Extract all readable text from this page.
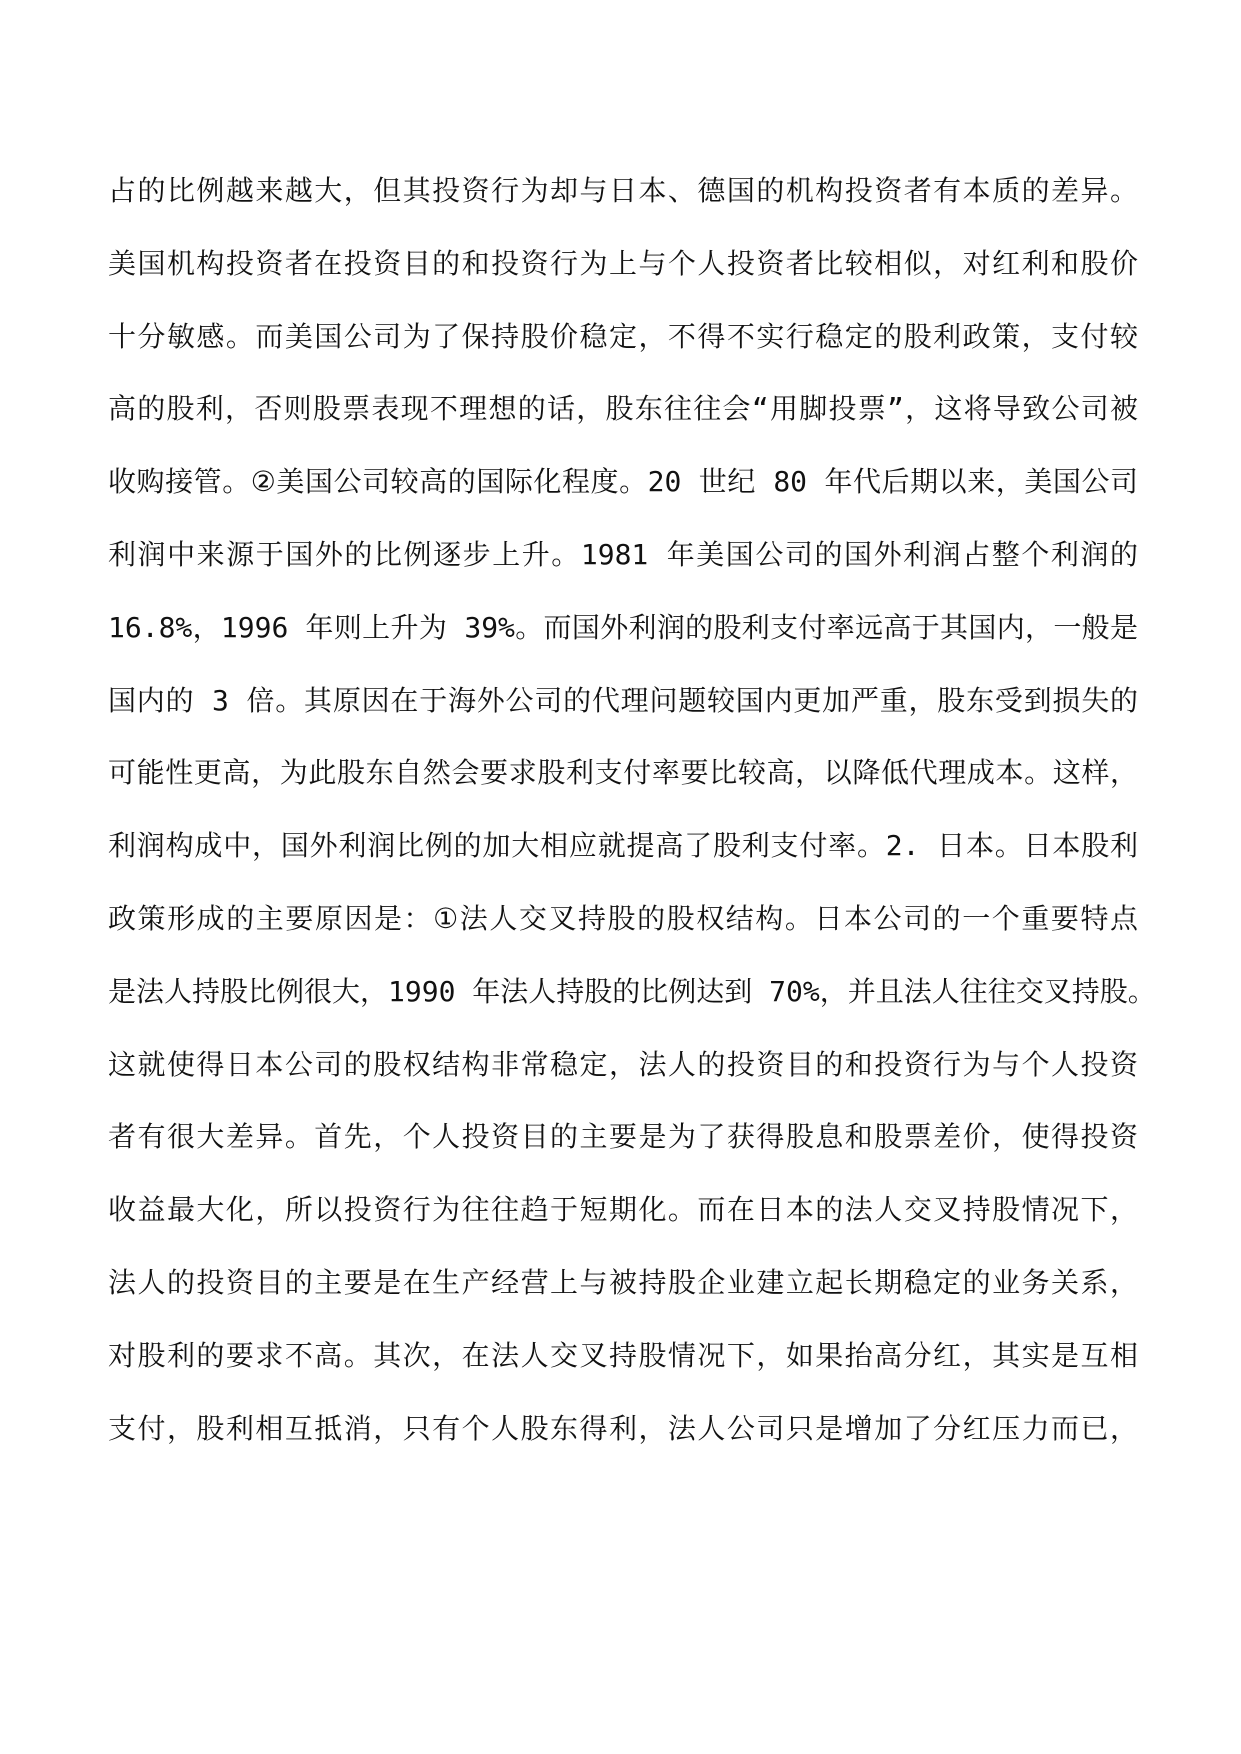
占的比例越来越大，但其投资行为却与日本、德国的机构投资者有本质的差异。
美国机构投资者在投资目的和投资行为上与个人投资者比较相似，对红利和股价
十分敏感。而美国公司为了保持股价稳定，不得不实行稳定的股利政策，支付较
高的股利，否则股票表现不理想的话，股东往往会“用脚投票”，这将导致公司被
收购接管。②美国公司较高的国际化程度。20 世纪 80 年代后期以来，美国公司
利润中来源于国外的比例逐步上升。1981 年美国公司的国外利润占整个利润的
16.8%，1996 年则上升为 39%。而国外利润的股利支付率远高于其国内，一般是
国内的 3 倍。其原因在于海外公司的代理问题较国内更加严重，股东受到损失的
可能性更高，为此股东自然会要求股利支付率要比较高，以降低代理成本。这样，
利润构成中，国外利润比例的加大相应就提高了股利支付率。2. 日本。日本股利
政策形成的主要原因是：①法人交叉持股的股权结构。日本公司的一个重要特点
是法人持股比例很大，1990 年法人持股的比例达到 70%，并且法人往往交叉持股。
这就使得日本公司的股权结构非常稳定，法人的投资目的和投资行为与个人投资
者有很大差异。首先，个人投资目的主要是为了获得股息和股票差价，使得投资
收益最大化，所以投资行为往往趋于短期化。而在日本的法人交叉持股情况下，
法人的投资目的主要是在生产经营上与被持股企业建立起长期稳定的业务关系，
对股利的要求不高。其次，在法人交叉持股情况下，如果抬高分红，其实是互相
支付，股利相互抵消，只有个人股东得利，法人公司只是增加了分红压力而已，
